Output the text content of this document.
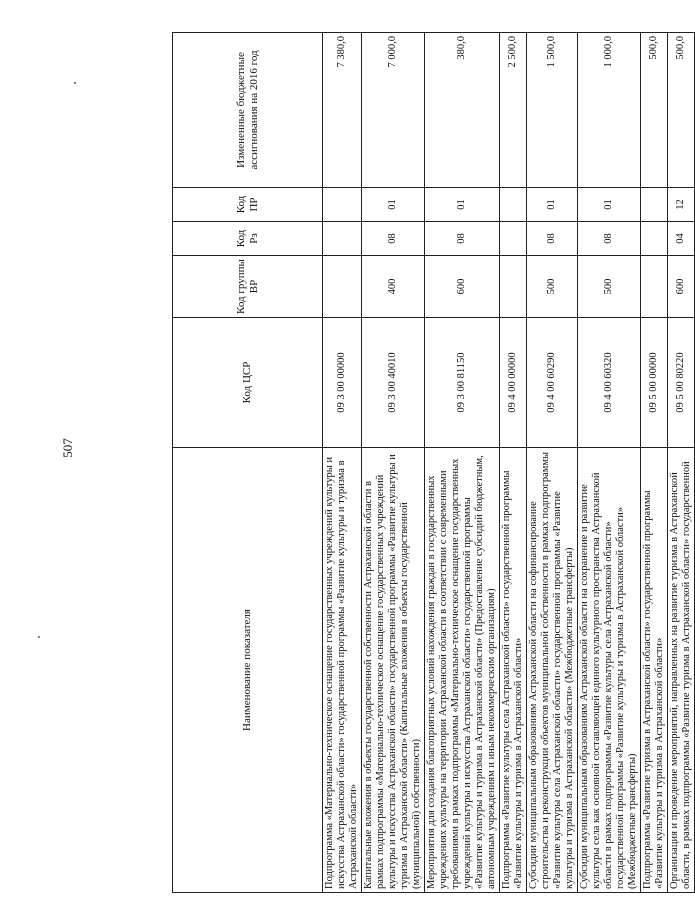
507
Наименование показателя	Код ЦСР	Код группы ВР	Код Рз	Код ПР	Измененные бюджетные ассигнования на 2016 год
Подпрограмма «Материально-техническое оснащение государственных учреждений культуры и искусства Астраханской области» государственной программы «Развитие культуры и туризма в Астраханской области»	09 3 00 00000				7 380,0
Капитальные вложения в объекты государственной собственности Астраханской области в рамках подпрограммы «Материально-техническое оснащение государственных учреждений культуры и искусства Астраханской области» государственной программы «Развитие культуры и туризма в Астраханской области» (Капитальные вложения в объекты государственной (муниципальной) собственности)	09 3 00 40010	400	08	01	7 000,0
Мероприятия для создания благоприятных условий нахождения граждан в государственных учреждениях культуры на территории Астраханской области в соответствии с современными требованиями в рамках подпрограммы «Материально-техническое оснащение государственных учреждений культуры и искусства Астраханской области» государственной программы «Развитие культуры и туризма в Астраханской области» (Предоставление субсидий бюджетным, автономным учреждениям и иным некоммерческим организациям)	09 3 00 81150	600	08	01	380,0
Подпрограмма «Развитие культуры села Астраханской области» государственной программы «Развитие культуры и туризма в Астраханской области»	09 4 00 00000				2 500,0
Субсидии муниципальным образованиям Астраханской области на софинансирование строительства и реконструкции объектов муниципальной собственности в рамках подпрограммы «Развитие культуры села Астраханской области» государственной программы «Развитие культуры и туризма в Астраханской области» (Межбюджетные трансферты)	09 4 00 60290	500	08	01	1 500,0
Субсидии муниципальным образованиям Астраханской области на сохранение и развитие культуры села как основной составляющей единого культурного пространства Астраханской области в рамках подпрограммы «Развитие культуры села Астраханской области» государственной программы «Развитие культуры и туризма в Астраханской области» (Межбюджетные трансферты)	09 4 00 60320	500	08	01	1 000,0
Подпрограмма «Развитие туризма в Астраханской области» государственной программы «Развитие культуры и туризма в Астраханской области»	09 5 00 00000				500,0
Организация и проведение мероприятий, направленных на развитие туризма в Астраханской области, в рамках подпрограммы «Развитие туризма в Астраханской области» государственной	09 5 00 80220	600	04	12	500,0
